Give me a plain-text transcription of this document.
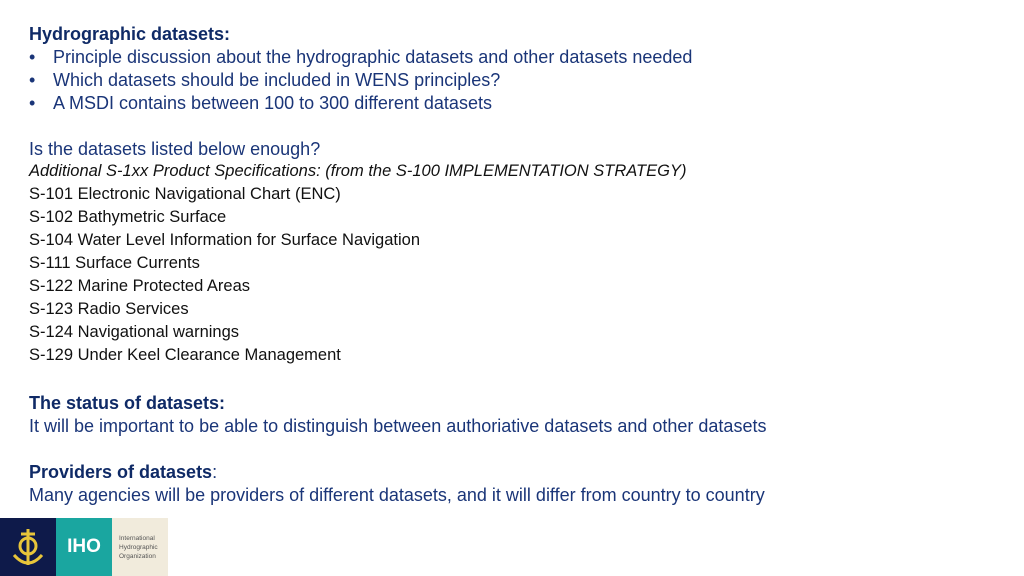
Hydrographic datasets:
• Principle discussion about the hydrographic datasets and other datasets needed
• Which datasets should be included in WENS principles?
• A MSDI contains between 100 to 300 different datasets
Is the datasets listed below enough?
Additional S-1xx Product Specifications: (from the S-100 IMPLEMENTATION STRATEGY)
S-101 Electronic Navigational Chart (ENC)
S-102 Bathymetric Surface
S-104 Water Level Information for Surface Navigation
S-111 Surface Currents
S-122 Marine Protected Areas
S-123 Radio Services
S-124 Navigational warnings
S-129 Under Keel Clearance Management
The status of datasets:
It will be important to be able to distinguish between authoriative datasets and other datasets
Providers of datasets:
Many agencies will be providers of different datasets, and it will differ from country to country
IHO	International
Hydrographic
Organization
